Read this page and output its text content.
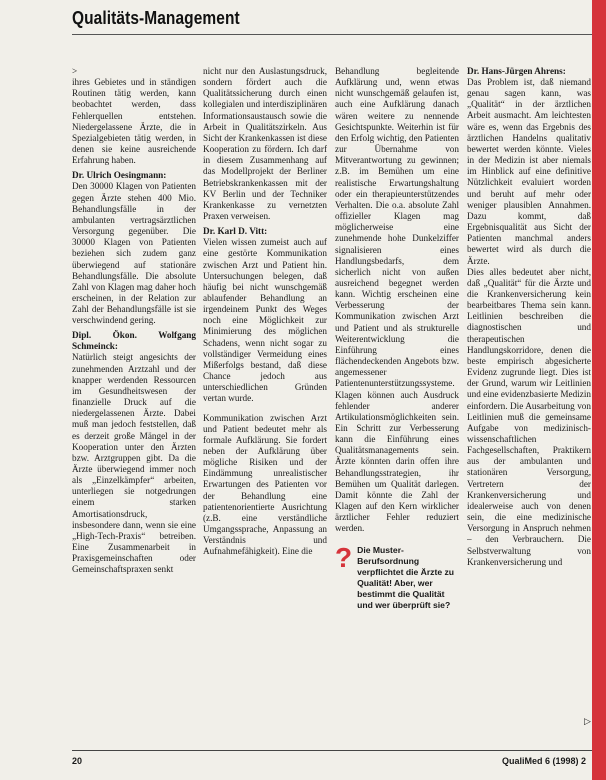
Qualitäts-Management

>

ihres Gebietes und in ständigen Routinen tätig werden, kann beobachtet werden, dass Fehlerquellen entstehen. Niedergelassene Ärzte, die in Spezialgebieten tätig werden, in denen sie keine ausreichende Erfahrung haben.

Dr. Ulrich Oesingmann:

Den 30000 Klagen von Patienten gegen Ärzte stehen 400 Mio. Behandlungsfälle in der ambulanten vertragsärztlichen Versorgung gegenüber. Die 30000 Klagen von Patienten beziehen sich zudem ganz überwiegend auf stationäre Behandlungsfälle. Die absolute Zahl von Klagen mag daher hoch erscheinen, in der Relation zur Zahl der Behandlungsfälle ist sie verschwindend gering.

Dipl. Ökon. Wolfgang Schmeinck:

Natürlich steigt angesichts der zunehmenden Arztzahl und der knapper werdenden Ressourcen im Gesundheitswesen der finanzielle Druck auf die niedergelassenen Ärzte. Dabei muß man jedoch feststellen, daß es derzeit große Mängel in der Kooperation unter den Ärzten bzw. Arztgruppen gibt. Da die Ärzte überwiegend immer noch als „Einzelkämpfer“ arbeiten, unterliegen sie notgedrungen einem starken Amortisationsdruck, insbesondere dann, wenn sie eine „High-Tech-Praxis“ betreiben. Eine Zusammenarbeit in Praxisgemeinschaften oder Gemeinschaftspraxen senkt

nicht nur den Auslastungsdruck, sondern fördert auch die Qualitätssicherung durch einen kollegialen und interdisziplinären Informationsaustausch sowie die Arbeit in Qualitätszirkeln. Aus Sicht der Krankenkassen ist diese Kooperation zu fördern. Ich darf in diesem Zusammenhang auf das Modellprojekt der Berliner Betriebskrankenkassen mit der KV Berlin und der Techniker Krankenkasse zu vernetzten Praxen verweisen.

Dr. Karl D. Vitt:

Vielen wissen zumeist auch auf eine gestörte Kommunikation zwischen Arzt und Patient hin. Untersuchungen belegen, daß häufig bei nicht wunschgemäß ablaufender Behandlung an irgendeinem Punkt des Weges noch eine Möglichkeit zur Minimierung des möglichen Schadens, wenn nicht sogar zu vollständiger Vermeidung eines Mißerfolgs bestand, daß diese Chance jedoch aus unterschiedlichen Gründen vertan wurde.

Kommunikation zwischen Arzt und Patient bedeutet mehr als formale Aufklärung. Sie fordert neben der Aufklärung über mögliche Risiken und der Eindämmung unrealistischer Erwartungen des Patienten vor der Behandlung eine patientenorientierte Ausrichtung (z.B. eine verständliche Umgangssprache, Anpassung an Verständnis und Aufnahmefähigkeit). Eine die

Behandlung begleitende Aufklärung und, wenn etwas nicht wunschgemäß gelaufen ist, auch eine Aufklärung danach wären weitere zu nennende Gesichtspunkte. Weiterhin ist für den Erfolg wichtig, den Patienten zur Übernahme von Mitverantwortung zu gewinnen; z.B. im Bemühen um eine realistische Erwartungshaltung oder ein therapieunterstützendes Verhalten. Die o.a. absolute Zahl offizieller Klagen mag möglicherweise eine zunehmende hohe Dunkelziffer signalisieren eines Handlungsbedarfs, dem sicherlich nicht von außen ausreichend begegnet werden kann. Wichtig erscheinen eine Verbesserung der Kommunikation zwischen Arzt und Patient und als strukturelle Weiterentwicklung die Einführung eines flächendeckenden Angebots bzw. angemessener Patientenunterstützungssysteme. Klagen können auch Ausdruck fehlender anderer Artikulationsmöglichkeiten sein. Ein Schritt zur Verbesserung kann die Einführung eines Qualitätsmanagements sein. Ärzte könnten darin offen ihre Behandlungsstrategien, ihr Bemühen um Qualität darlegen. Damit könnte die Zahl der Klagen auf den Kern wirklicher ärztlicher Fehler reduziert werden.

? Die Muster-Berufsordnung verpflichtet die Ärzte zu Qualität! Aber, wer bestimmt die Qualität und wer überprüft sie?

Dr. Hans-Jürgen Ahrens:

Das Problem ist, daß niemand genau sagen kann, was „Qualität“ in der ärztlichen Arbeit ausmacht. Am leichtesten wäre es, wenn das Ergebnis des ärztlichen Handelns qualitativ bewertet werden könnte. Vieles in der Medizin ist aber niemals im Hinblick auf eine definitive Nützlichkeit evaluiert worden und beruht auf mehr oder weniger plausiblen Annahmen. Dazu kommt, daß Ergebnisqualität aus Sicht der Patienten manchmal anders bewertet wird als durch die Ärzte.

Dies alles bedeutet aber nicht, daß „Qualität“ für die Ärzte und die Krankenversicherung kein bearbeitbares Thema sein kann. Leitlinien beschreiben die diagnostischen und therapeutischen Handlungskorridore, denen die beste empirisch abgesicherte Evidenz zugrunde liegt. Dies ist der Grund, warum wir Leitlinien und eine evidenzbasierte Medizin einfordern. Die Ausarbeitung von Leitlinien muß die gemeinsame Aufgabe von medizinisch-wissenschaftlichen Fachgesellschaften, Praktikern aus der ambulanten und stationären Versorgung, Vertretern der Krankenversicherung und idealerweise auch von denen sein, die eine medizinische Versorgung in Anspruch nehmen – den Verbrauchern. Die Selbstverwaltung von Krankenversicherung und

▷
20	QualiMed 6 (1998) 2
